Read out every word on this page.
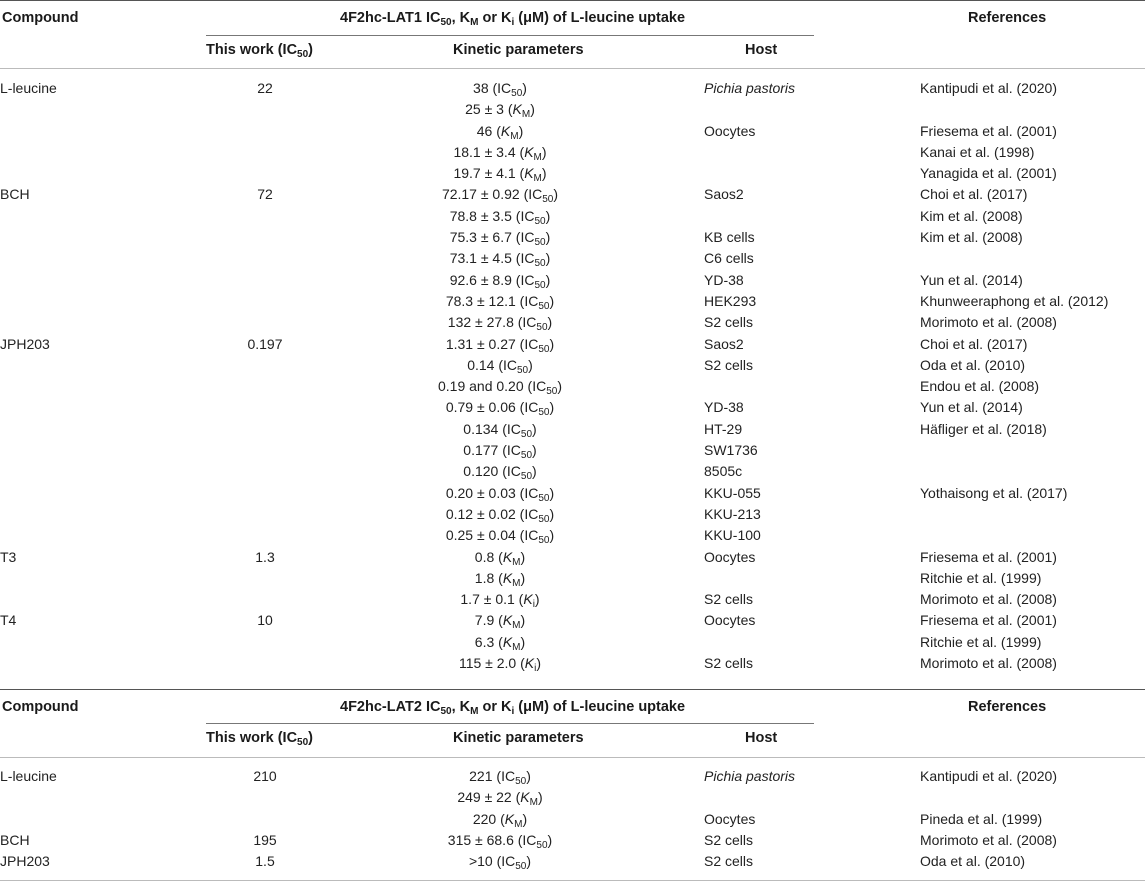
Compound	4F2hc-LAT1 $IC_{50}$, $K_M$ or $K_i$ (μM) of L-leucine uptake	References
This work $(IC_{50})$	Kinetic parameters	Host
L-leucine	22	38 $(IC_{50})$	Pichia pastoris	Kantipudi et al. (2020)
		25 ± 3 $(K_M)$		
		46 $(K_M)$	Oocytes	Friesema et al. (2001)
		18.1 ± 3.4 $(K_M)$		Kanai et al. (1998)
		19.7 ± 4.1 $(K_M)$		Yanagida et al. (2001)
BCH	72	72.17 ± 0.92 $(IC_{50})$	Saos2	Choi et al. (2017)
		78.8 ± 3.5 $(IC_{50})$		Kim et al. (2008)
		75.3 ± 6.7 $(IC_{50})$	KB cells	Kim et al. (2008)
		73.1 ± 4.5 $(IC_{50})$	C6 cells	
		92.6 ± 8.9 $(IC_{50})$	YD-38	Yun et al. (2014)
		78.3 ± 12.1 $(IC_{50})$	HEK293	Khunweeraphong et al. (2012)
		132 ± 27.8 $(IC_{50})$	S2 cells	Morimoto et al. (2008)
JPH203	0.197	1.31 ± 0.27 $(IC_{50})$	Saos2	Choi et al. (2017)
		0.14 $(IC_{50})$	S2 cells	Oda et al. (2010)
		0.19 and 0.20 $(IC_{50})$		Endou et al. (2008)
		0.79 ± 0.06 $(IC_{50})$	YD-38	Yun et al. (2014)
		0.134 $(IC_{50})$	HT-29	Häfliger et al. (2018)
		0.177 $(IC_{50})$	SW1736	
		0.120 $(IC_{50})$	8505c	
		0.20 ± 0.03 $(IC_{50})$	KKU-055	Yothaisong et al. (2017)
		0.12 ± 0.02 $(IC_{50})$	KKU-213	
		0.25 ± 0.04 $(IC_{50})$	KKU-100	
T3	1.3	0.8 $(K_M)$	Oocytes	Friesema et al. (2001)
		1.8 $(K_M)$		Ritchie et al. (1999)
		1.7 ± 0.1 $(K_i)$	S2 cells	Morimoto et al. (2008)
T4	10	7.9 $(K_M)$	Oocytes	Friesema et al. (2001)
		6.3 $(K_M)$		Ritchie et al. (1999)
		115 ± 2.0 $(K_i)$	S2 cells	Morimoto et al. (2008)
Compound	4F2hc-LAT2 $IC_{50}$, $K_M$ or $K_i$ (μM) of L-leucine uptake	References
This work $(IC_{50})$	Kinetic parameters	Host
L-leucine	210	221 $(IC_{50})$	Pichia pastoris	Kantipudi et al. (2020)
		249 ± 22 $(K_M)$		
		220 $(K_M)$	Oocytes	Pineda et al. (1999)
BCH	195	315 ± 68.6 $(IC_{50})$	S2 cells	Morimoto et al. (2008)
JPH203	1.5	>10 $(IC_{50})$	S2 cells	Oda et al. (2010)
